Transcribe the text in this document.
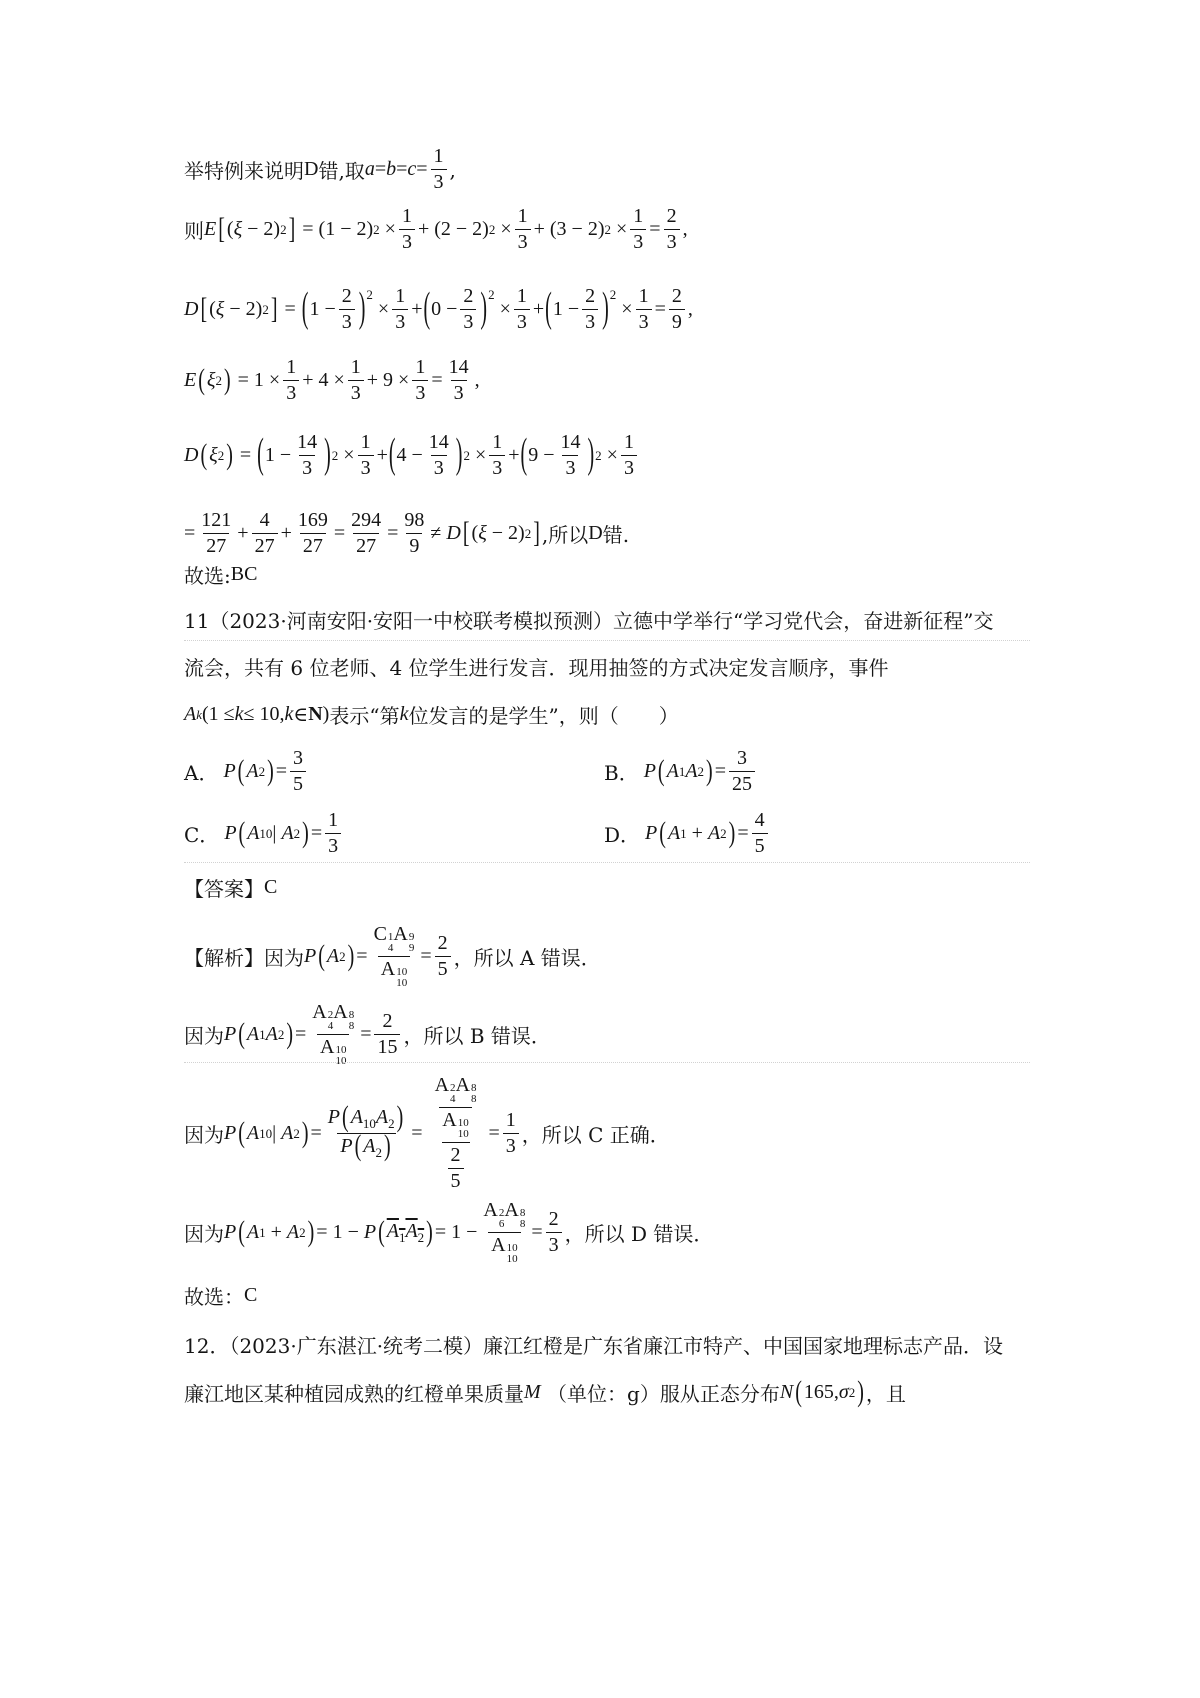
举特例来说明 D 错,取 $a = b = c = \frac{1}{3}$ ,
则 E [ ( ξ
− 2 ) 2 ]
=
(1 − 2) 2
× $\frac{1}{3}$ +
(2 − 2) 2
× $\frac{1}{3}$ +
(3 − 2) 2
× $\frac{1}{3} = \frac{2}{3}$ ,
D [ ( ξ
− 2 ) 2 ] = ( $1 - \frac{2}{3}$ ) 2
× $\frac{1}{3}$ + ( $0 - \frac{2}{3}$ ) 2
× $\frac{1}{3}$ + ( $1 - \frac{2}{3}$ ) 2
× $\frac{1}{3} = \frac{2}{9}$ ,
E ( ξ 2 ) = 1
× $\frac{1}{3} + 4$
× $\frac{1}{3} + 9$
× $\frac{1}{3} = \frac{14}{3}$ ,
D ( ξ 2 ) = ( $1 - \frac{14}{3}$ ) $2 \times \frac{1}{3}$ + ( $4 - \frac{14}{3}$ ) $2 \times \frac{1}{3}$ + ( $9 - \frac{14}{3}$ ) $2 \times \frac{1}{3}$
= $\frac{121}{27} + \frac{4}{27} + \frac{169}{27} = \frac{294}{27} = \frac{98}{9}$ ≠
D [ ( ξ
− 2 ) 2 ] ,所以 D 错.
故选: BC
11（2023·河南安阳·安阳一中校联考模拟预测）立德中学举行“学习党代会，奋进新征程”交
流会，共有 6 位老师、4 位学生进行发言．现用抽签的方式决定发言顺序，事件
A k (1 ≤ k ≤ 10, k ∈ N ) 表示“第 k 位发言的是学生”，则（　　）
A．
P ( A 2 ) = $\frac{3}{5}$	B．
P ( A 1 A 2 ) = $\frac{3}{25}$
C．
P ( A 10 |
A 2 ) = $\frac{1}{3}$	D．
P ( A 1 + A 2 ) = $\frac{4}{5}$
【答案】 C
【解析】因为 P ( A 2 ) = C 1
4
A 9
9
A 10
$10 = \frac{2}{5}$ ，所以 A 错误．
因为 P ( A 1 A 2 ) = A 2
4
A 8
8
A 10
$10 = \frac{2}{15}$ ，所以 B 错误．
因为 P ( A 10 |
A 2 ) = $\frac{P ( A_{10}A_2 )}{P ( A_2 )} = A$ 2
4
A 8
8
A 10
10
$\frac{2}{5} = \frac{1}{3}$ ，所以 C 正确．
因为 P ( A 1 + A 2 ) = 1 −
P ( $A_1A_2$ ) = 1 − A 2
6
A 8
8
A 10
$10 = \frac{2}{3}$ ，所以 D 错误．
故选： C
12．（2023·广东湛江·统考二模）廉江红橙是广东省廉江市特产、中国国家地理标志产品．设
廉江地区某种植园成熟的红橙单果质量 M
（单位：g）服从正态分布 N ( 165, σ 2 ) ，且
